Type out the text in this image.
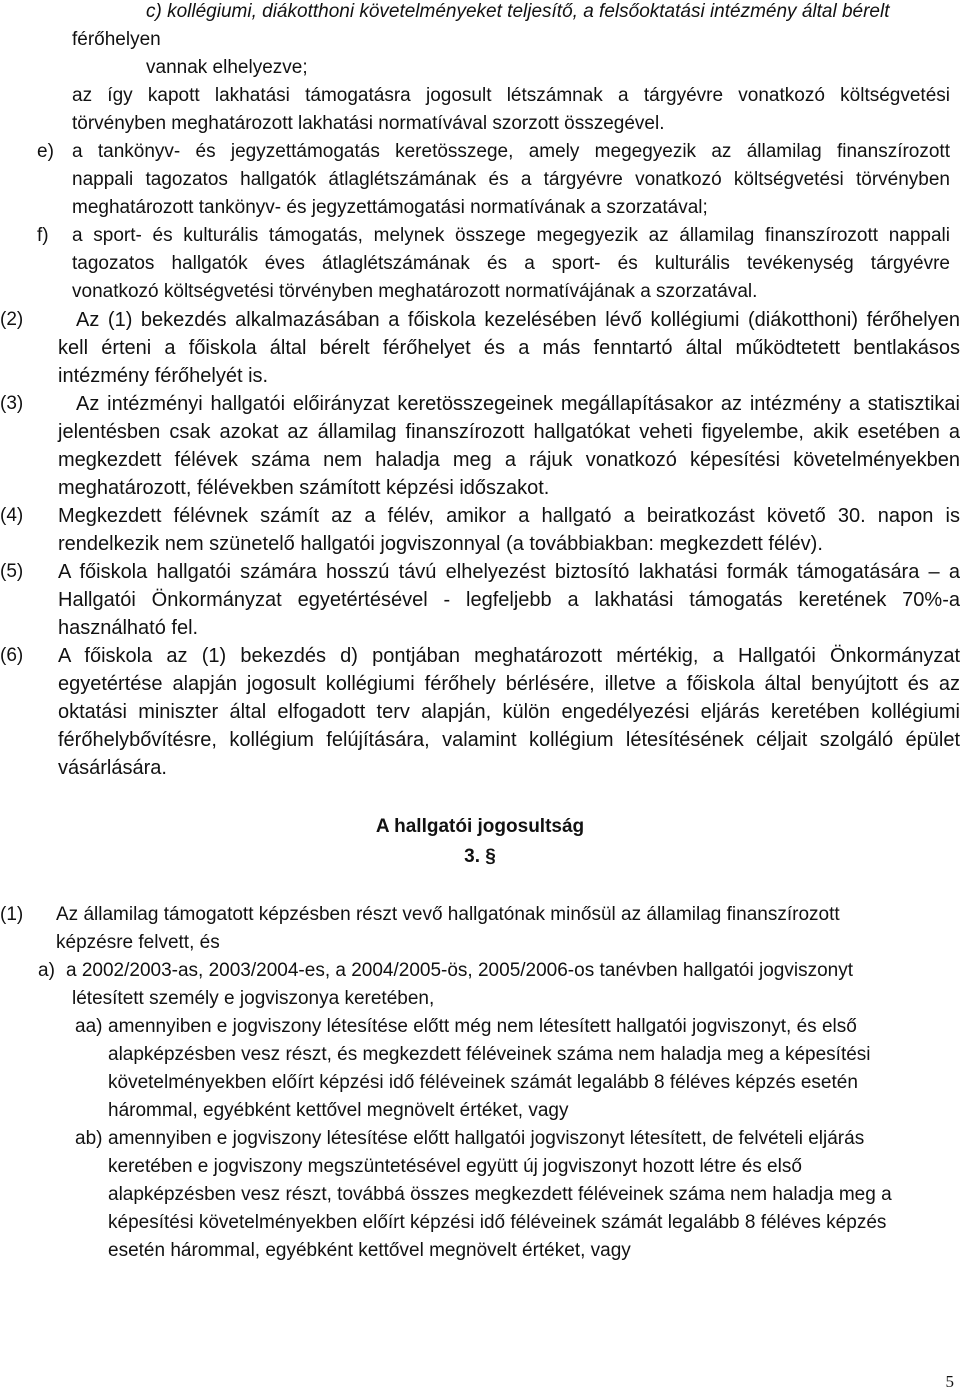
c) kollégiumi, diákotthoni követelményeket teljesítő, a felsőoktatási intézmény által bérelt

férőhelyen

vannak elhelyezve;

az így kapott lakhatási támogatásra jogosult létszámnak a tárgyévre vonatkozó költségvetési

törvényben meghatározott lakhatási normatívával szorzott összegével.

e) a tankönyv- és jegyzettámogatás keretösszege, amely megegyezik az államilag finanszírozott
nappali tagozatos hallgatók átlaglétszámának és a tárgyévre vonatkozó költségvetési törvényben
meghatározott tankönyv- és jegyzettámogatási normatívának a szorzatával;

f) a sport- és kulturális támogatás, melynek összege megegyezik az államilag finanszírozott nappali
tagozatos hallgatók éves átlaglétszámának és a sport- és kulturális tevékenység tárgyévre
vonatkozó költségvetési törvényben meghatározott normatívájának a szorzatával.

(2)	Az (1) bekezdés alkalmazásában a főiskola kezelésében lévő kollégiumi (diákotthoni) férőhelyen
kell érteni a főiskola által bérelt férőhelyet és a más fenntartó által működtetett bentlakásos
intézmény férőhelyét is.

(3)	Az intézményi hallgatói előirányzat keretösszegeinek megállapításakor az intézmény a statisztikai
jelentésben csak azokat az államilag finanszírozott hallgatókat veheti figyelembe, akik esetében a
megkezdett félévek száma nem haladja meg a rájuk vonatkozó képesítési követelményekben
meghatározott, félévekben számított képzési időszakot.

(4) Megkezdett félévnek számít az a félév, amikor a hallgató a beiratkozást követő 30. napon is
rendelkezik nem szünetelő hallgatói jogviszonnyal (a továbbiakban: megkezdett félév).

(5) A főiskola hallgatói számára hosszú távú elhelyezést biztosító lakhatási formák támogatására – a
Hallgatói Önkormányzat egyetértésével - legfeljebb a lakhatási támogatás keretének 70%-a
használható fel.

(6) A főiskola az (1) bekezdés d) pontjában meghatározott mértékig, a Hallgatói Önkormányzat
egyetértése alapján jogosult kollégiumi férőhely bérlésére, illetve a főiskola által benyújtott és az
oktatási miniszter által elfogadott terv alapján, külön engedélyezési eljárás keretében kollégiumi
férőhelybővítésre, kollégium felújítására, valamint kollégium létesítésének céljait szolgáló épület
vásárlására.

A hallgatói jogosultság

3. §

(1) Az államilag támogatott képzésben részt vevő hallgatónak minősül az államilag finanszírozott
képzésre felvett, és

a) a 2002/2003-as, 2003/2004-es, a 2004/2005-ös, 2005/2006-os tanévben hallgatói jogviszonyt
létesített személy e jogviszonya keretében,

aa) amennyiben e jogviszony létesítése előtt még nem létesített hallgatói jogviszonyt, és első
alapképzésben vesz részt, és megkezdett féléveinek száma nem haladja meg a képesítési
követelményekben előírt képzési idő féléveinek számát legalább 8 féléves képzés esetén
hárommal, egyébként kettővel megnövelt értéket, vagy

ab) amennyiben e jogviszony létesítése előtt hallgatói jogviszonyt létesített, de felvételi eljárás
keretében e jogviszony megszüntetésével együtt új jogviszonyt hozott létre és első
alapképzésben vesz részt, továbbá összes megkezdett féléveinek száma nem haladja meg a
képesítési követelményekben előírt képzési idő féléveinek számát legalább 8 féléves képzés
esetén hárommal, egyébként kettővel megnövelt értéket, vagy

5
